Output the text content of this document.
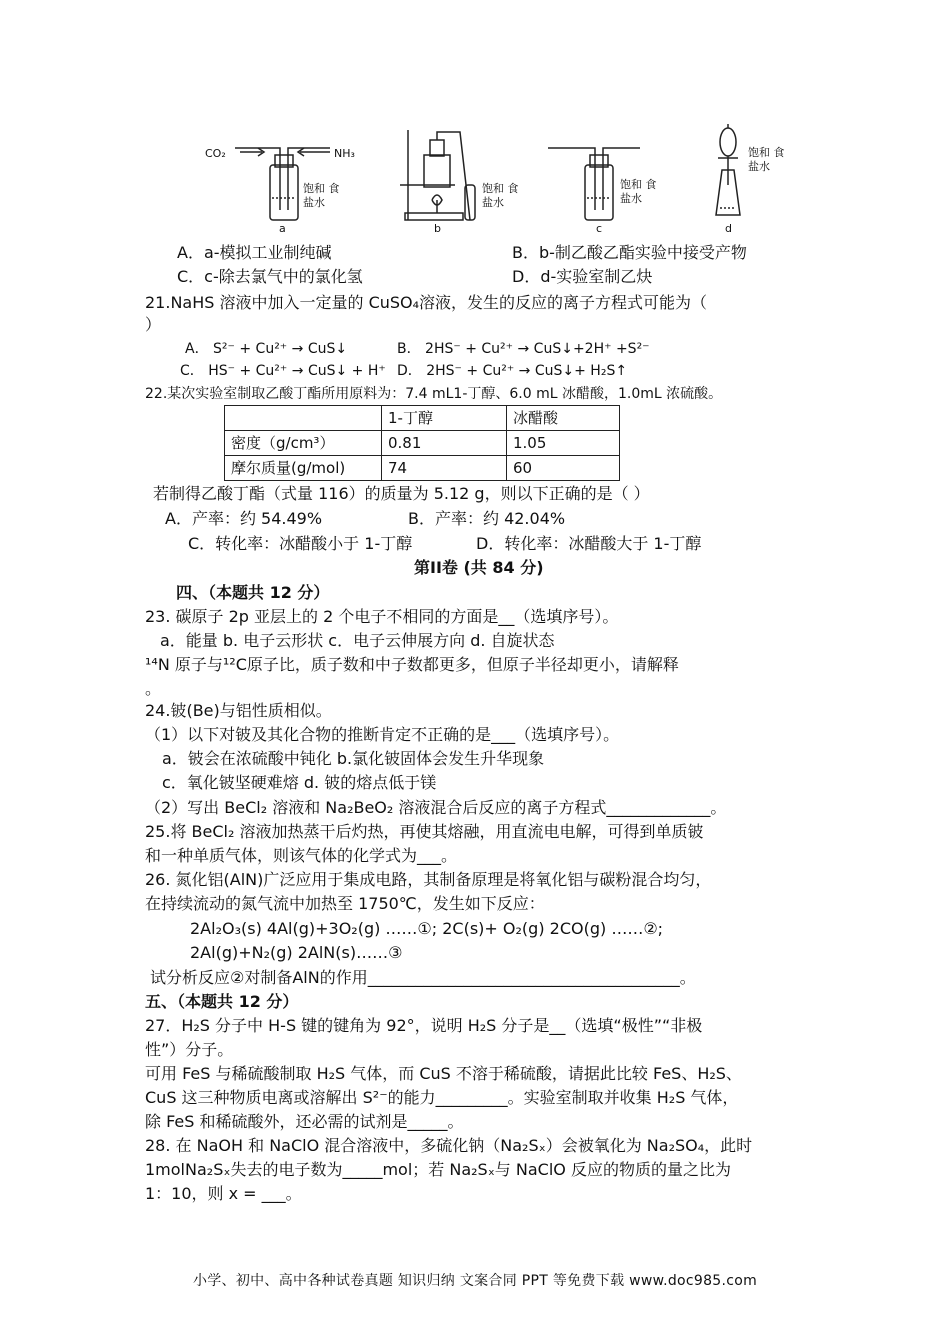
CO₂	NH₃
饱和 食盐水
饱和 食盐水
饱和 食盐水
饱和 食盐水
a	b	c	d
A．a-模拟工业制纯碱	B．b-制乙酸乙酯实验中接受产物
C．c-除去氯气中的氯化氢	D．d-实验室制乙炔
21.NaHS 溶液中加入一定量的 CuSO₄溶液，发生的反应的离子方程式可能为（
）
A． S²⁻ + Cu²⁺ → CuS↓	B． 2HS⁻ + Cu²⁺ → CuS↓+2H⁺ +S²⁻
C． HS⁻ + Cu²⁺ → CuS↓ + H⁺ D． 2HS⁻ + Cu²⁺ → CuS↓+ H₂S↑
22.某次实验室制取乙酸丁酯所用原料为：7.4 mL1-丁醇、6.0 mL 冰醋酸，1.0mL 浓硫酸。
	1-丁醇	冰醋酸
密度（g/cm³）	0.81	1.05
摩尔质量(g/mol)	74	60
若制得乙酸丁酯（式量 116）的质量为 5.12 g，则以下正确的是（ ）
A．产率：约 54.49%	B．产率：约 42.04%
C．转化率：冰醋酸小于 1-丁醇	D．转化率：冰醋酸大于 1-丁醇
第II卷 (共 84 分)
四、（本题共 12 分）
23. 碳原子 2p 亚层上的 2 个电子不相同的方面是__（选填序号）。
a．能量 b. 电子云形状 c．电子云伸展方向 d. 自旋状态
¹⁴N 原子与¹²C原子比，质子数和中子数都更多，但原子半径却更小，请解释
。
24.铍(Be)与铝性质相似。
（1）以下对铍及其化合物的推断肯定不正确的是___（选填序号）。
a．铍会在浓硫酸中钝化 b.氯化铍固体会发生升华现象
c．氧化铍坚硬难熔 d. 铍的熔点低于镁
（2）写出 BeCl₂ 溶液和 Na₂BeO₂ 溶液混合后反应的离子方程式_____________。
25.将 BeCl₂ 溶液加热蒸干后灼热，再使其熔融，用直流电电解，可得到单质铍
和一种单质气体，则该气体的化学式为___。
26. 氮化铝(AlN)广泛应用于集成电路，其制备原理是将氧化铝与碳粉混合均匀，
在持续流动的氮气流中加热至 1750℃，发生如下反应：
2Al₂O₃(s) 4Al(g)+3O₂(g) ……①; 2C(s)+ O₂(g) 2CO(g) ……②;
2Al(g)+N₂(g) 2AlN(s)……③
试分析反应②对制备AlN的作用_______________________________________。
五、（本题共 12 分）
27．H₂S 分子中 H-S 键的键角为 92°，说明 H₂S 分子是__（选填“极性”“非极
性”）分子。
可用 FeS 与稀硫酸制取 H₂S 气体，而 CuS 不溶于稀硫酸，请据此比较 FeS、H₂S、
CuS 这三种物质电离或溶解出 S²⁻的能力_________。实验室制取并收集 H₂S 气体，
除 FeS 和稀硫酸外，还必需的试剂是_____。
28. 在 NaOH 和 NaClO 混合溶液中，多硫化钠（Na₂Sₓ）会被氧化为 Na₂SO₄，此时
1molNa₂Sₓ失去的电子数为_____mol；若 Na₂Sₓ与 NaClO 反应的物质的量之比为
1：10，则 x = ___。
小学、初中、高中各种试卷真题 知识归纳 文案合同 PPT 等免费下载 www.doc985.com
